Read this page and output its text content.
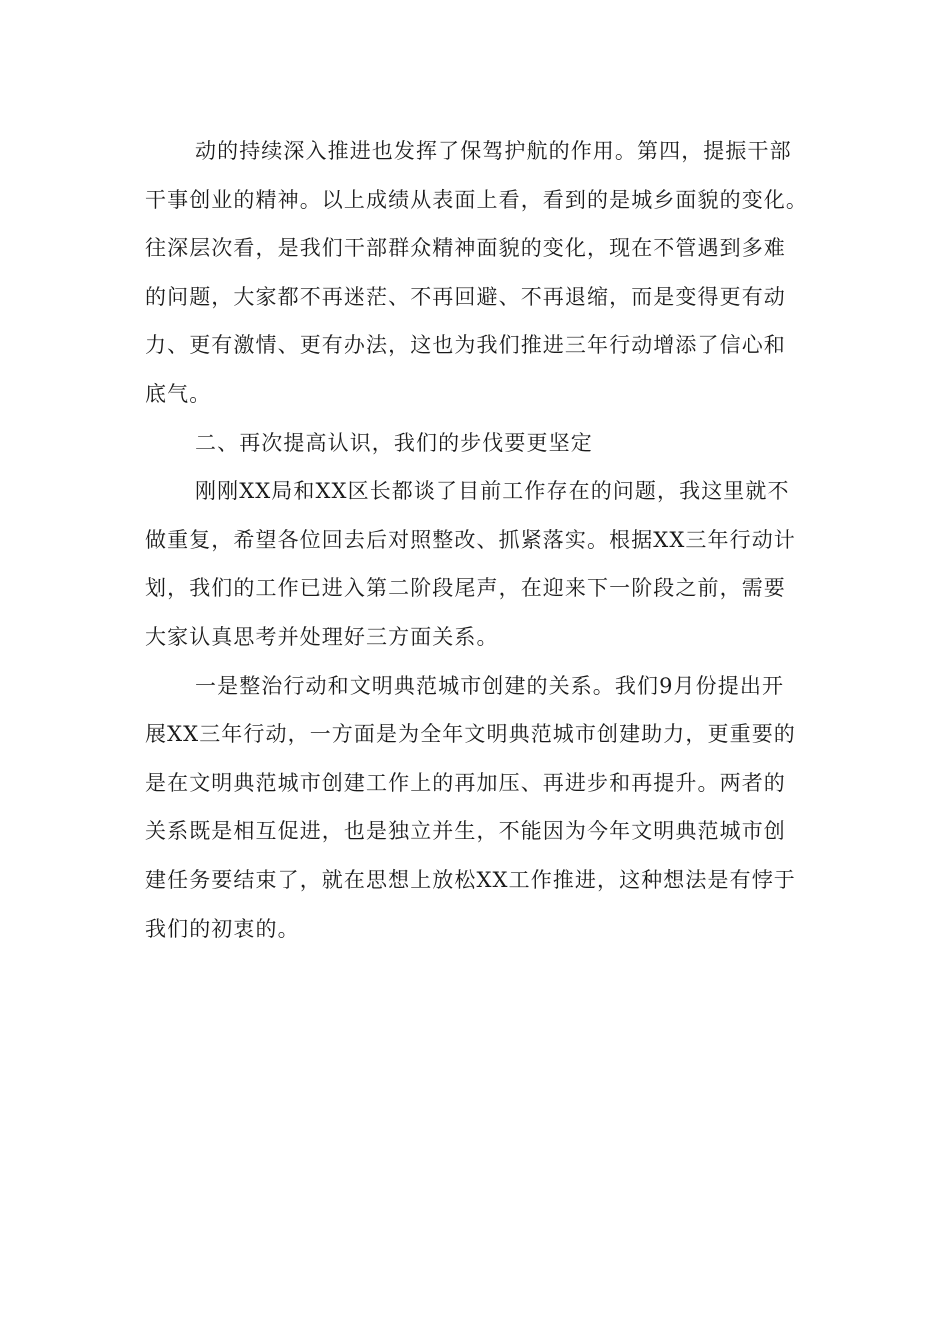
动的持续深入推进也发挥了保驾护航的作用。第四，提振干部
干事创业的精神。以上成绩从表面上看，看到的是城乡面貌的变化。
往深层次看，是我们干部群众精神面貌的变化，现在不管遇到多难
的问题，大家都不再迷茫、不再回避、不再退缩，而是变得更有动
力、更有激情、更有办法，这也为我们推进三年行动增添了信心和
底气。
二、再次提高认识，我们的步伐要更坚定
刚刚XX局和XX区长都谈了目前工作存在的问题，我这里就不
做重复，希望各位回去后对照整改、抓紧落实。根据XX三年行动计
划，我们的工作已进入第二阶段尾声，在迎来下一阶段之前，需要
大家认真思考并处理好三方面关系。
一是整治行动和文明典范城市创建的关系。我们9月份提出开
展XX三年行动，一方面是为全年文明典范城市创建助力，更重要的
是在文明典范城市创建工作上的再加压、再进步和再提升。两者的
关系既是相互促进，也是独立并生，不能因为今年文明典范城市创
建任务要结束了，就在思想上放松XX工作推进，这种想法是有悖于
我们的初衷的。
